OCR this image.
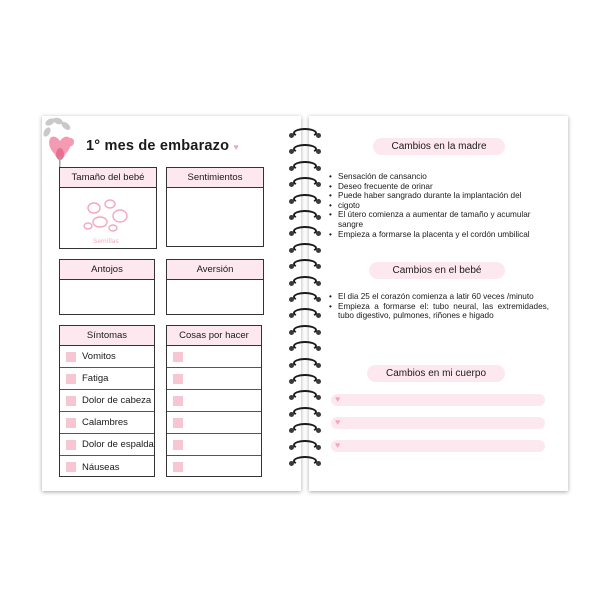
1° mes de embarazo ♥
Tamaño del bebé
Semillas
Sentimientos
Antojos	Aversión
Síntomas
Vomitos
Fatiga
Dolor de cabeza
Calambres
Dolor de espalda
Náuseas
Cosas por hacer
Cambios en la madre
• Sensación de cansancio
• Deseo frecuente de orinar
• Puede haber sangrado durante la implantación del
• cigoto
• El útero comienza a aumentar de tamaño y acumular sangre
• Empieza a formarse la placenta y el cordón umbilical
Cambios en el bebé
• El dia 25 el corazón comienza a latir 60 veces /minuto
• Empieza a formarse el: tubo neural, las extremidades, tubo digestivo, pulmones, riñones e higado
Cambios en mi cuerpo
♥
♥
♥
